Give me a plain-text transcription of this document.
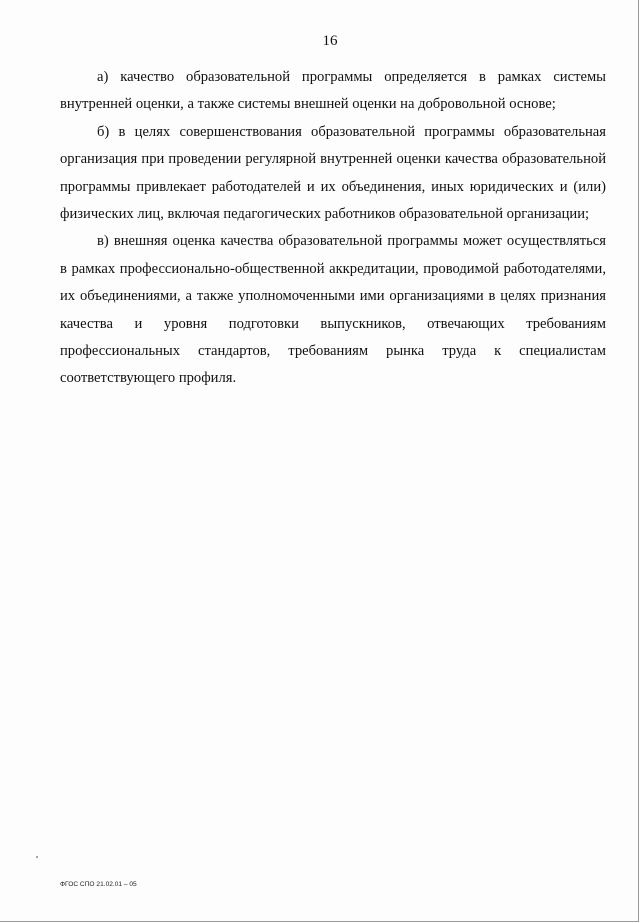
16

а) качество образовательной программы определяется в рамках системы внутренней оценки, а также системы внешней оценки на добровольной основе;

б) в целях совершенствования образовательной программы образовательная организация при проведении регулярной внутренней оценки качества образовательной программы привлекает работодателей и их объединения, иных юридических и (или) физических лиц, включая педагогических работников образовательной организации;

в) внешняя оценка качества образовательной программы может осуществляться в рамках профессионально-общественной аккредитации, проводимой работодателями, их объединениями, а также уполномоченными ими организациями в целях признания качества и уровня подготовки выпускников, отвечающих требованиям профессиональных стандартов, требованиям рынка труда к специалистам соответствующего профиля.

ФГОС СПО 21.02.01 – 05
